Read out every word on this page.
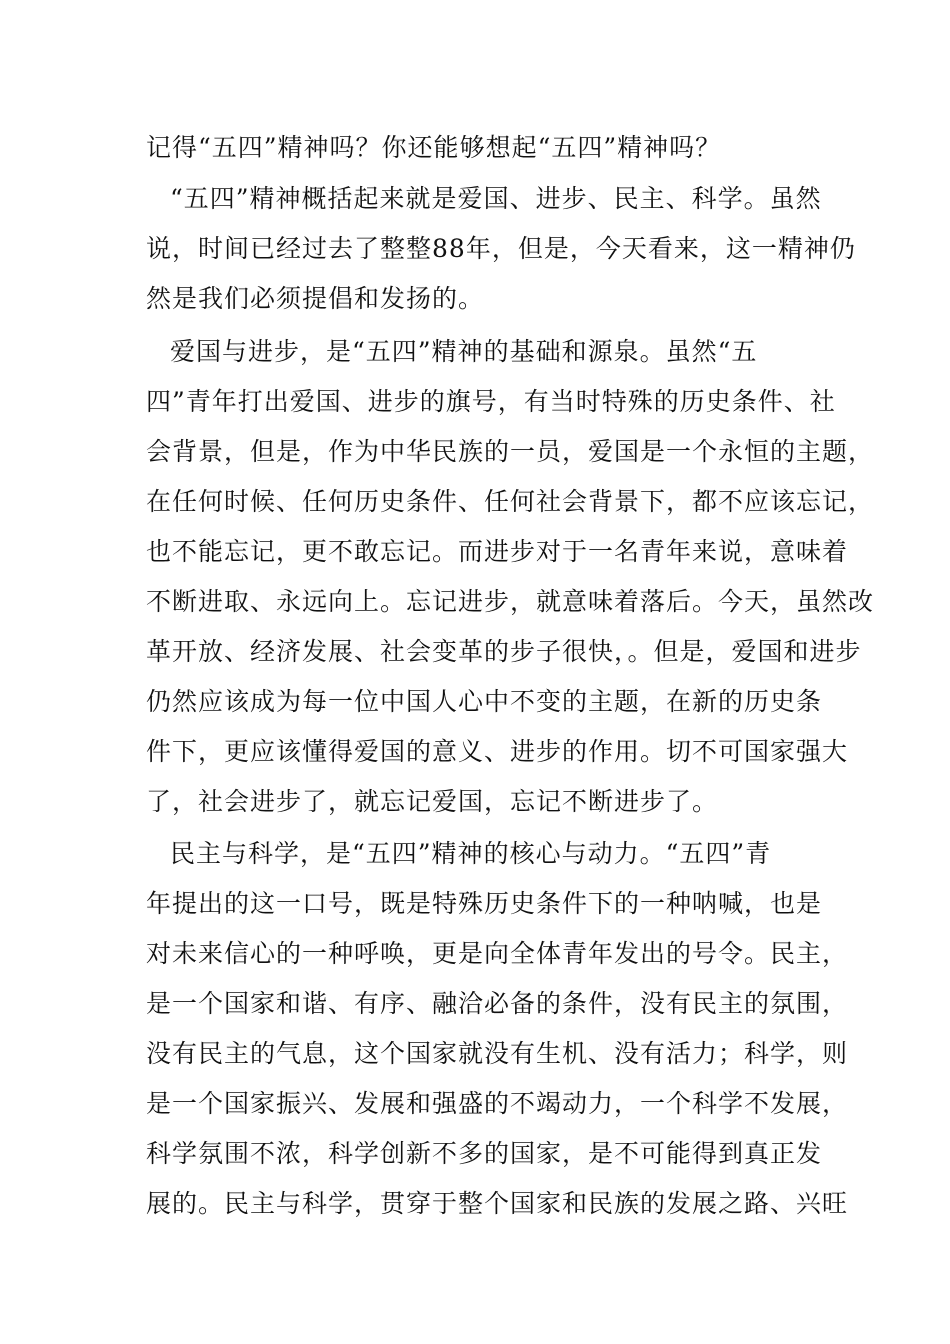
记得“五四”精神吗？你还能够想起“五四”精神吗？
“五四”精神概括起来就是爱国、进步、民主、科学。虽然
说，时间已经过去了整整88年，但是，今天看来，这一精神仍
然是我们必须提倡和发扬的。
爱国与进步，是“五四”精神的基础和源泉。虽然“五
四”青年打出爱国、进步的旗号，有当时特殊的历史条件、社
会背景，但是，作为中华民族的一员，爱国是一个永恒的主题，
在任何时候、任何历史条件、任何社会背景下，都不应该忘记，
也不能忘记，更不敢忘记。而进步对于一名青年来说，意味着
不断进取、永远向上。忘记进步，就意味着落后。今天，虽然改
革开放、经济发展、社会变革的步子很快，。但是，爱国和进步
仍然应该成为每一位中国人心中不变的主题，在新的历史条
件下，更应该懂得爱国的意义、进步的作用。切不可国家强大
了，社会进步了，就忘记爱国，忘记不断进步了。
民主与科学，是“五四”精神的核心与动力。“五四”青
年提出的这一口号，既是特殊历史条件下的一种呐喊，也是
对未来信心的一种呼唤，更是向全体青年发出的号令。民主，
是一个国家和谐、有序、融洽必备的条件，没有民主的氛围，
没有民主的气息，这个国家就没有生机、没有活力；科学，则
是一个国家振兴、发展和强盛的不竭动力，一个科学不发展，
科学氛围不浓，科学创新不多的国家，是不可能得到真正发
展的。民主与科学，贯穿于整个国家和民族的发展之路、兴旺
